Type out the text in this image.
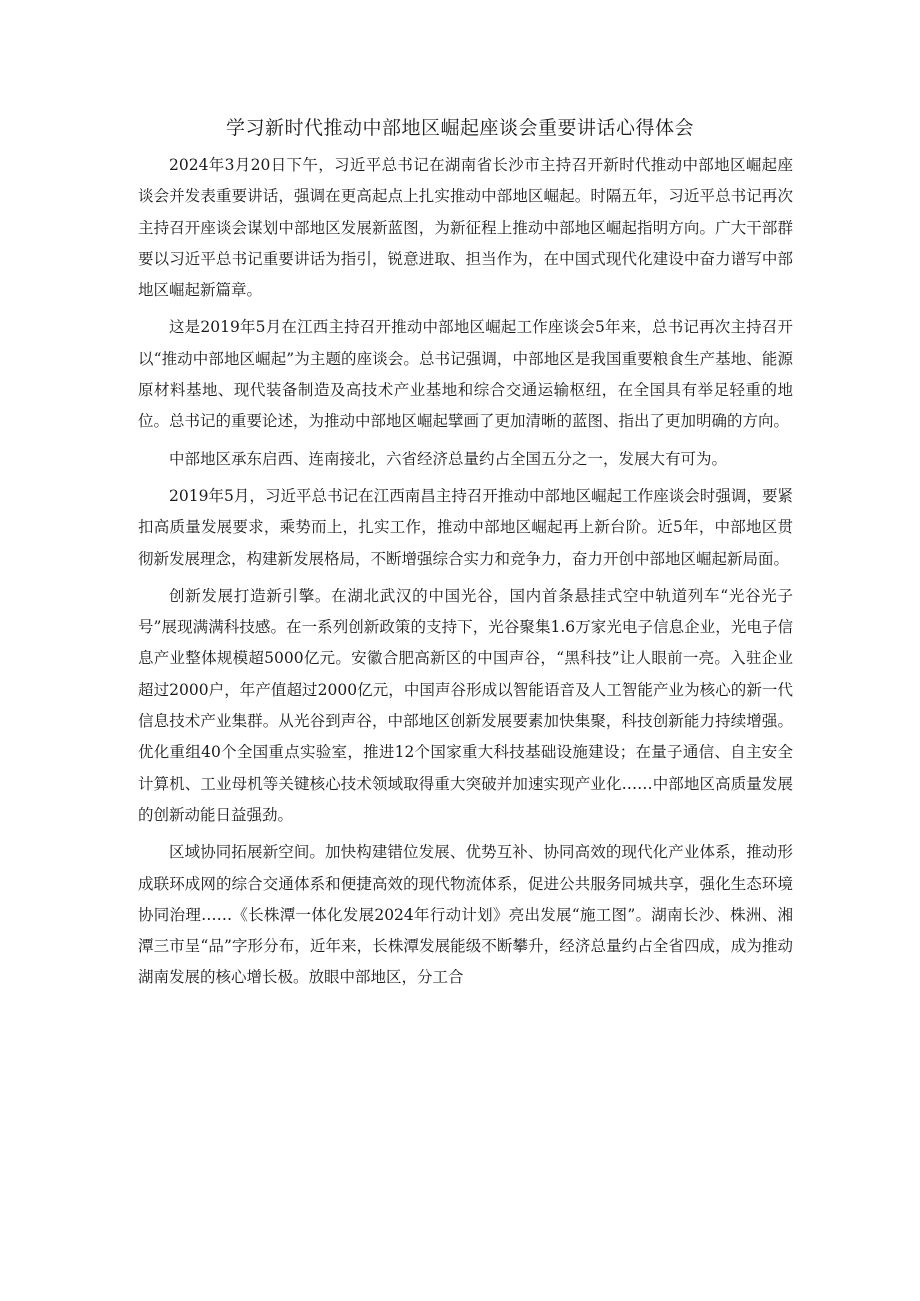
学习新时代推动中部地区崛起座谈会重要讲话心得体会

2024年3月20日下午，习近平总书记在湖南省长沙市主持召开新时代推动中部地区崛起座谈会并发表重要讲话，强调在更高起点上扎实推动中部地区崛起。时隔五年，习近平总书记再次主持召开座谈会谋划中部地区发展新蓝图，为新征程上推动中部地区崛起指明方向。广大干部群要以习近平总书记重要讲话为指引，锐意进取、担当作为，在中国式现代化建设中奋力谱写中部地区崛起新篇章。

这是2019年5月在江西主持召开推动中部地区崛起工作座谈会5年来，总书记再次主持召开以“推动中部地区崛起”为主题的座谈会。总书记强调，中部地区是我国重要粮食生产基地、能源原材料基地、现代装备制造及高技术产业基地和综合交通运输枢纽，在全国具有举足轻重的地位。总书记的重要论述，为推动中部地区崛起擘画了更加清晰的蓝图、指出了更加明确的方向。

中部地区承东启西、连南接北，六省经济总量约占全国五分之一，发展大有可为。

2019年5月，习近平总书记在江西南昌主持召开推动中部地区崛起工作座谈会时强调，要紧扣高质量发展要求，乘势而上，扎实工作，推动中部地区崛起再上新台阶。近5年，中部地区贯彻新发展理念，构建新发展格局，不断增强综合实力和竞争力，奋力开创中部地区崛起新局面。

创新发展打造新引擎。在湖北武汉的中国光谷，国内首条悬挂式空中轨道列车“光谷光子号”展现满满科技感。在一系列创新政策的支持下，光谷聚集1.6万家光电子信息企业，光电子信息产业整体规模超5000亿元。安徽合肥高新区的中国声谷，“黑科技”让人眼前一亮。入驻企业超过2000户，年产值超过2000亿元，中国声谷形成以智能语音及人工智能产业为核心的新一代信息技术产业集群。从光谷到声谷，中部地区创新发展要素加快集聚，科技创新能力持续增强。优化重组40个全国重点实验室，推进12个国家重大科技基础设施建设；在量子通信、自主安全计算机、工业母机等关键核心技术领域取得重大突破并加速实现产业化……中部地区高质量发展的创新动能日益强劲。

区域协同拓展新空间。加快构建错位发展、优势互补、协同高效的现代化产业体系，推动形成联环成网的综合交通体系和便捷高效的现代物流体系，促进公共服务同城共享，强化生态环境协同治理……《长株潭一体化发展2024年行动计划》亮出发展“施工图”。湖南长沙、株洲、湘潭三市呈“品”字形分布，近年来，长株潭发展能级不断攀升，经济总量约占全省四成，成为推动湖南发展的核心增长极。放眼中部地区，分工合
